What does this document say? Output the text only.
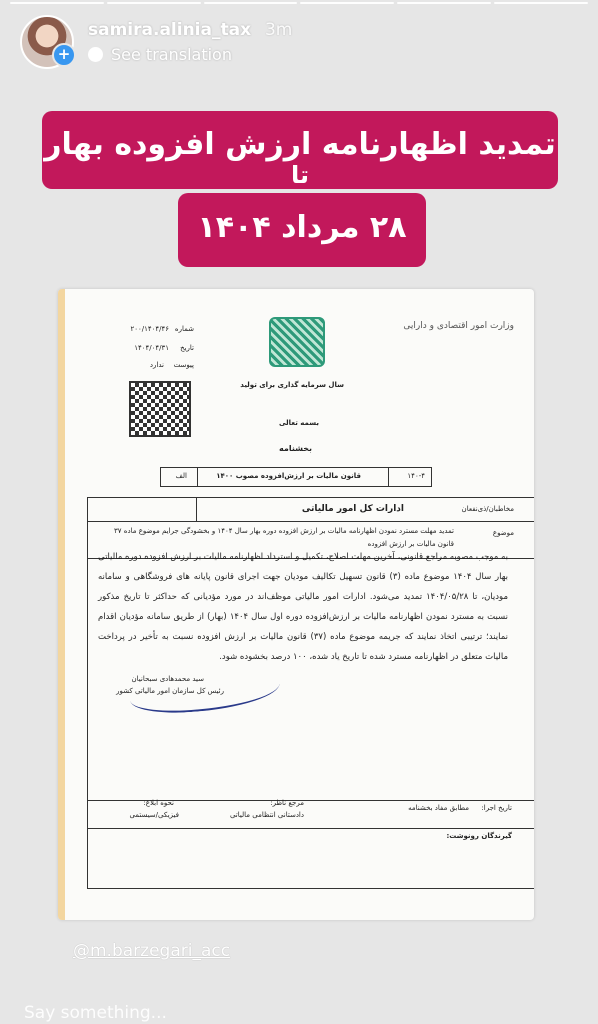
+
samira.alinia_tax 3m
See translation
تمدید اظهارنامه ارزش افزوده بهار
تا
۲۸ مرداد ۱۴۰۴
وزارت امور اقتصادی و دارایی
شماره
۲۰۰/۱۴۰۴/۴۶
تاریخ
۱۴۰۴/۰۴/۳۱
پیوست
ندارد
سال سرمایه گذاری برای تولید
بسمه تعالی
بخشنامه
۱۴۰-۴
قانون مالیات بر ارزش‌افزوده مصوب ۱۴۰۰
الف
مخاطبان/ذی‌نفعان
ادارات کل امور مالیاتی
موضوع
تمدید مهلت مسترد نمودن اظهارنامه مالیات بر ارزش افزوده دوره بهار سال ۱۴۰۴ و بخشودگی جرایم موضوع ماده ۳۷ قانون مالیات بر ارزش افزوده
به موجب مصوبه مراجع قانونی، آخرین مهلت اصلاح، تکمیل و استرداد اظهارنامه مالیات بر ارزش افزوده دوره مالیاتی بهار سال ۱۴۰۴ موضوع ماده (۳) قانون تسهیل تکالیف مودیان جهت اجرای قانون پایانه های فروشگاهی و سامانه مودیان، تا ۱۴۰۴/۰۵/۲۸ تمدید می‌شود. ادارات امور مالیاتی موظف‌اند در مورد مؤدیانی که حداکثر تا تاریخ مذکور نسبت به مسترد نمودن اظهارنامه مالیات بر ارزش‌افزوده دوره اول سال ۱۴۰۴ (بهار) از طریق سامانه مؤدیان اقدام نمایند؛ ترتیبی اتخاذ نمایند که جریمه موضوع ماده (۳۷) قانون مالیات بر ارزش افزوده نسبت به تأخیر در پرداخت مالیات متعلق در اظهارنامه مسترد شده تا تاریخ یاد شده، ۱۰۰ درصد بخشوده شود.
سید محمدهادی سبحانیان
رئیس کل سازمان امور مالیاتی کشور
تاریخ اجرا:
مطابق مفاد بخشنامه
مرجع ناظر:
دادستانی انتظامی مالیاتی
نحوه ابلاغ:
فیزیکی/سیستمی
گیرندگان رونوشت:
@m.barzegari_acc
Say something...
